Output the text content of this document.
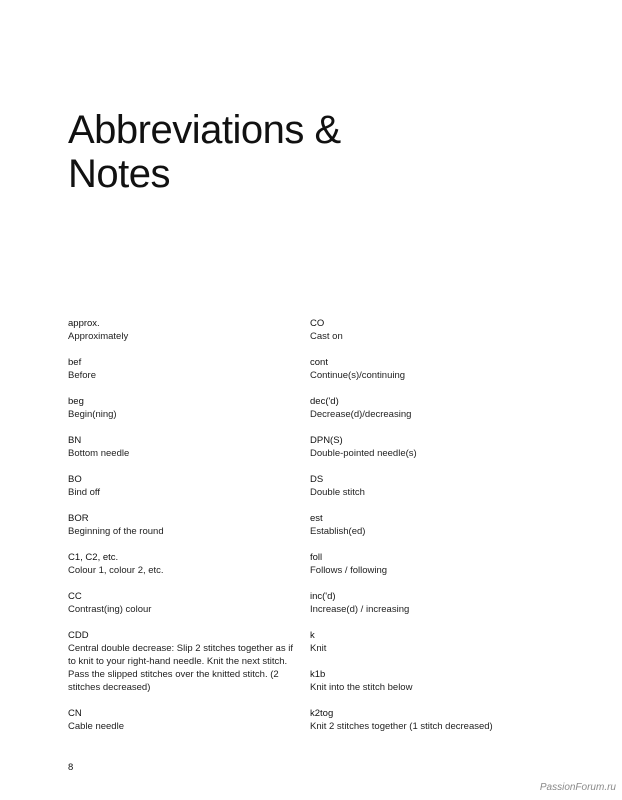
Abbreviations &
Notes
approx.
Approximately
bef
Before
beg
Begin(ning)
BN
Bottom needle
BO
Bind off
BOR
Beginning of the round
C1, C2, etc.
Colour 1, colour 2, etc.
CC
Contrast(ing) colour
CDD
Central double decrease: Slip 2 stitches together as if to knit to your right-hand needle. Knit the next stitch. Pass the slipped stitches over the knitted stitch. (2 stitches decreased)
CN
Cable needle
CO
Cast on
cont
Continue(s)/continuing
dec('d)
Decrease(d)/decreasing
DPN(S)
Double-pointed needle(s)
DS
Double stitch
est
Establish(ed)
foll
Follows / following
inc('d)
Increase(d) / increasing
k
Knit
k1b
Knit into the stitch below
k2tog
Knit 2 stitches together (1 stitch decreased)
8
PassionForum.ru
